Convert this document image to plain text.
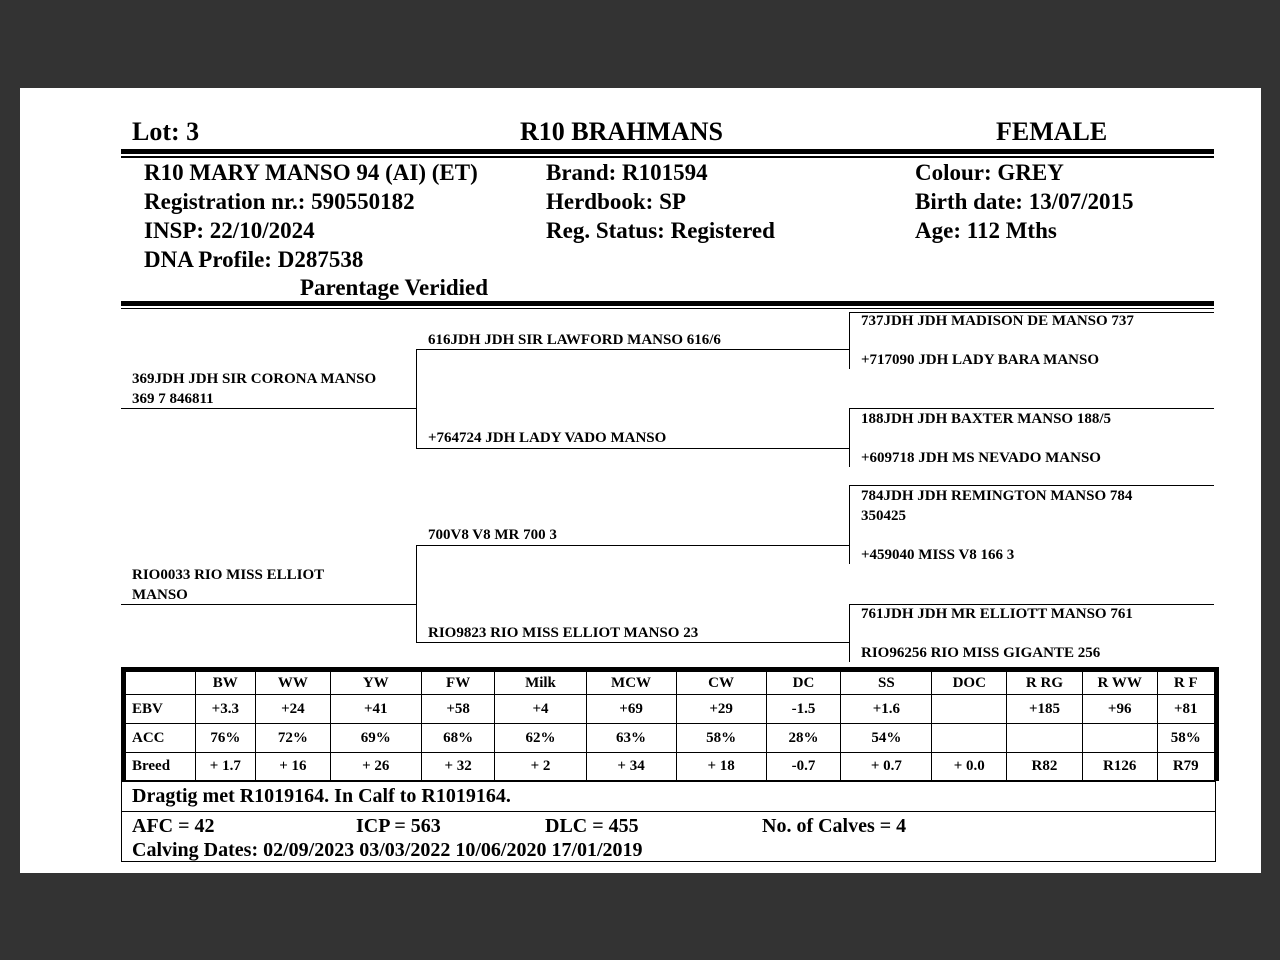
Lot: 3	R10 BRAHMANS	FEMALE
R10 MARY MANSO 94 (AI) (ET)
Registration nr.: 590550182
INSP: 22/10/2024
DNA Profile: D287538
Parentage Veridied
Brand: R101594
Herdbook: SP
Reg. Status: Registered
Colour: GREY
Birth date: 13/07/2015
Age: 112 Mths
369JDH JDH SIR CORONA MANSO
369 7 846811
RIO0033 RIO MISS ELLIOT
MANSO
616JDH JDH SIR LAWFORD MANSO 616/6
+764724 JDH LADY VADO MANSO
700V8 V8 MR 700 3
RIO9823 RIO MISS ELLIOT MANSO 23
737JDH JDH MADISON DE MANSO 737
+717090 JDH LADY BARA MANSO
188JDH JDH BAXTER MANSO 188/5
+609718 JDH MS NEVADO MANSO
784JDH JDH REMINGTON MANSO 784
350425
+459040 MISS V8 166 3
761JDH JDH MR ELLIOTT MANSO 761
RIO96256 RIO MISS GIGANTE 256
	BW	WW	YW	FW	Milk	MCW	CW	DC	SS	DOC	R RG	R WW	R F
EBV	+3.3	+24	+41	+58	+4	+69	+29	-1.5	+1.6		+185	+96	+81
ACC	76%	72%	69%	68%	62%	63%	58%	28%	54%				58%
Breed	+ 1.7	+ 16	+ 26	+ 32	+ 2	+ 34	+ 18	-0.7	+ 0.7	+ 0.0	R82	R126	R79
Dragtig met R1019164. In Calf to R1019164.
AFC = 42	ICP = 563	DLC = 455	No. of Calves = 4
Calving Dates: 02/09/2023 03/03/2022 10/06/2020 17/01/2019
